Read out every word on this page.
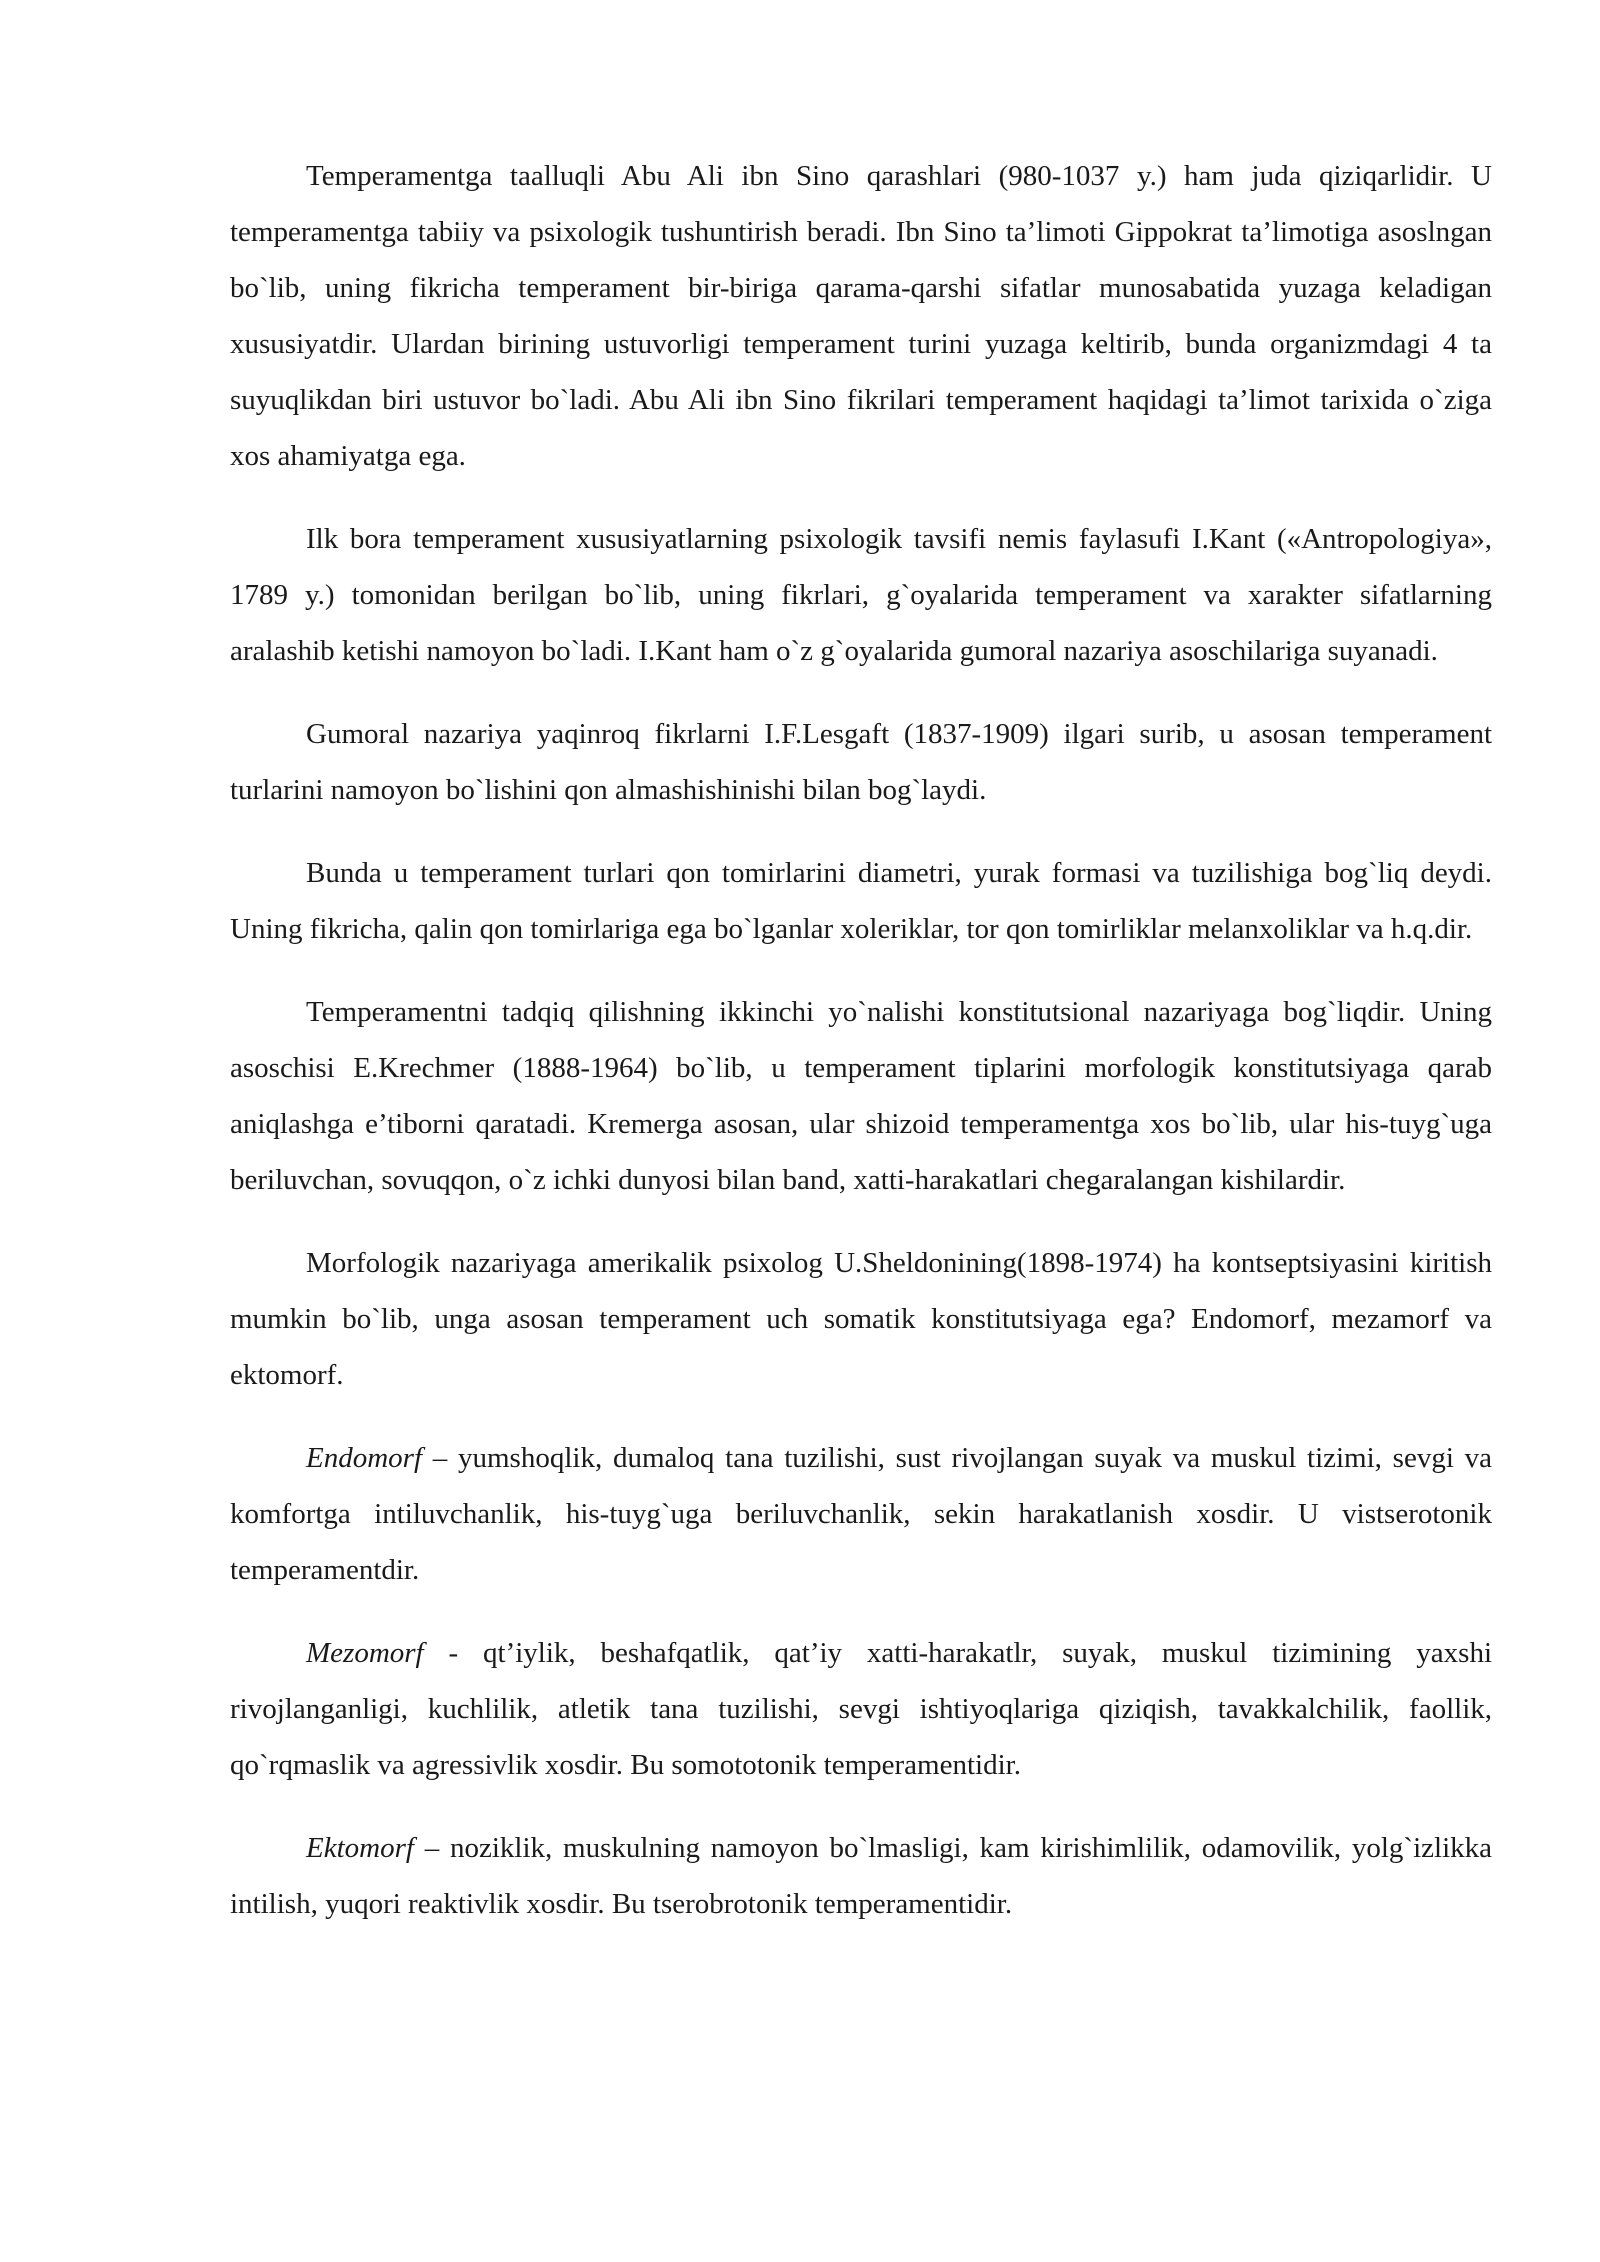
Temperamentga taalluqli Abu Ali ibn Sino qarashlari (980-1037 y.) ham juda qiziqarlidir. U temperamentga tabiiy va psixologik tushuntirish beradi. Ibn Sino ta’limoti Gippokrat ta’limotiga asoslngan bo`lib, uning fikricha temperament bir-biriga qarama-qarshi sifatlar munosabatida yuzaga keladigan xususiyatdir. Ulardan birining ustuvorligi temperament turini yuzaga keltirib, bunda organizmdagi 4 ta suyuqlikdan biri ustuvor bo`ladi. Abu Ali ibn Sino fikrilari temperament haqidagi ta’limot tarixida o`ziga xos ahamiyatga ega.

Ilk bora temperament xususiyatlarning psixologik tavsifi nemis faylasufi I.Kant («Antropologiya», 1789 y.) tomonidan berilgan bo`lib, uning fikrlari, g`oyalarida temperament va xarakter sifatlarning aralashib ketishi namoyon bo`ladi. I.Kant ham o`z g`oyalarida gumoral nazariya asoschilariga suyanadi.

Gumoral nazariya yaqinroq fikrlarni I.F.Lesgaft (1837-1909) ilgari surib, u asosan temperament turlarini namoyon bo`lishini qon almashishinishi bilan bog`laydi.

Bunda u temperament turlari qon tomirlarini diametri, yurak formasi va tuzilishiga bog`liq deydi. Uning fikricha, qalin qon tomirlariga ega bo`lganlar xoleriklar, tor qon tomirliklar melanxoliklar va h.q.dir.

Temperamentni tadqiq qilishning ikkinchi yo`nalishi konstitutsional nazariyaga bog`liqdir. Uning asoschisi E.Krechmer (1888-1964) bo`lib, u temperament tiplarini morfologik konstitutsiyaga qarab aniqlashga e’tiborni qaratadi. Kremerga asosan, ular shizoid temperamentga xos bo`lib, ular his-tuyg`uga beriluvchan, sovuqqon, o`z ichki dunyosi bilan band, xatti-harakatlari chegaralangan kishilardir.

Morfologik nazariyaga amerikalik psixolog U.Sheldonining(1898-1974) ha kontseptsiyasini kiritish mumkin bo`lib, unga asosan temperament uch somatik konstitutsiyaga ega? Endomorf, mezamorf va ektomorf.

Endomorf – yumshoqlik, dumaloq tana tuzilishi, sust rivojlangan suyak va muskul tizimi, sevgi va komfortga intiluvchanlik, his-tuyg`uga beriluvchanlik, sekin harakatlanish xosdir. U vistserotonik temperamentdir.

Mezomorf - qt’iylik, beshafqatlik, qat’iy xatti-harakatlr, suyak, muskul tizimining yaxshi rivojlanganligi, kuchlilik, atletik tana tuzilishi, sevgi ishtiyoqlariga qiziqish, tavakkalchilik, faollik, qo`rqmaslik va agressivlik xosdir. Bu somototonik temperamentidir.

Ektomorf – noziklik, muskulning namoyon bo`lmasligi, kam kirishimlilik, odamovilik, yolg`izlikka intilish, yuqori reaktivlik xosdir. Bu tserobrotonik temperamentidir.
